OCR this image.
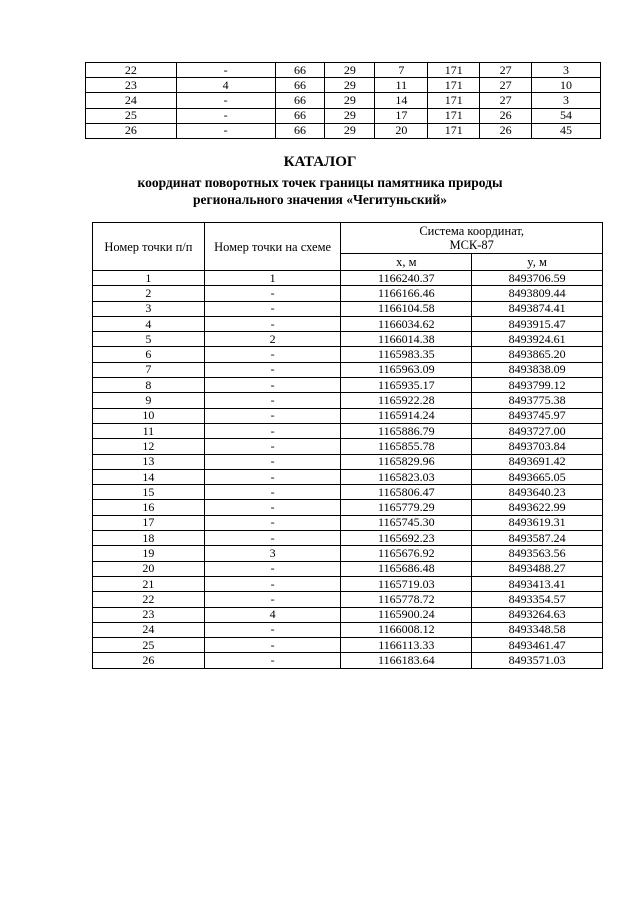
22	-	66	29	7	171	27	3
23	4	66	29	11	171	27	10
24	-	66	29	14	171	27	3
25	-	66	29	17	171	26	54
26	-	66	29	20	171	26	45
КАТАЛОГ
координат поворотных точек границы памятника природы
регионального значения «Чегитуньский»
Номер точки п/п	Номер точки на схеме	Система координат,
МСК-87	

		x, м	y, м
1	1	1166240.37	8493706.59
2	-	1166166.46	8493809.44
3	-	1166104.58	8493874.41
4	-	1166034.62	8493915.47
5	2	1166014.38	8493924.61
6	-	1165983.35	8493865.20
7	-	1165963.09	8493838.09
8	-	1165935.17	8493799.12
9	-	1165922.28	8493775.38
10	-	1165914.24	8493745.97
11	-	1165886.79	8493727.00
12	-	1165855.78	8493703.84
13	-	1165829.96	8493691.42
14	-	1165823.03	8493665.05
15	-	1165806.47	8493640.23
16	-	1165779.29	8493622.99
17	-	1165745.30	8493619.31
18	-	1165692.23	8493587.24
19	3	1165676.92	8493563.56
20	-	1165686.48	8493488.27
21	-	1165719.03	8493413.41
22	-	1165778.72	8493354.57
23	4	1165900.24	8493264.63
24	-	1166008.12	8493348.58
25	-	1166113.33	8493461.47
26	-	1166183.64	8493571.03
